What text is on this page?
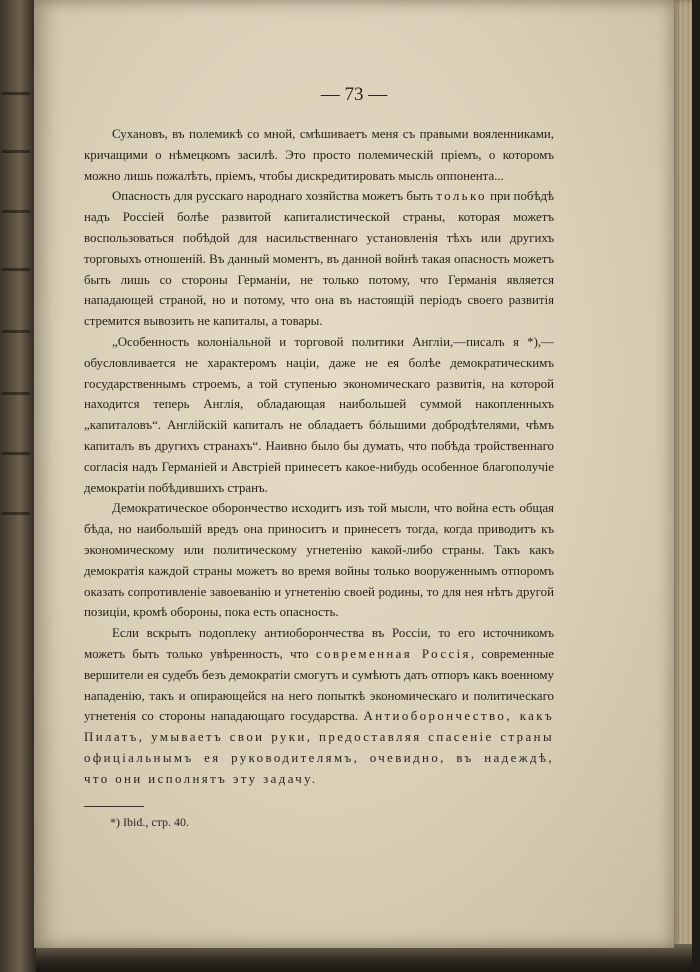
— 73 —

Сухановъ, въ полемикѣ со мной, смѣшиваетъ меня съ правыми вояленниками, кричащими о нѣмецкомъ засилѣ. Это просто полемическій пріемъ, о которомъ можно лишь пожалѣть, пріемъ, чтобы дискредитировать мысль оппонента...

Опасность для русскаго народнаго хозяйства можетъ быть только при побѣдѣ надъ Россіей болѣе развитой капиталистической страны, которая можетъ воспользоваться побѣдой для насильственнаго установленія тѣхъ или другихъ торговыхъ отношеній. Въ данный моментъ, въ данной войнѣ такая опасность можетъ быть лишь со стороны Германіи, не только потому, что Германія является нападающей страной, но и потому, что она въ настоящій періодъ своего развитія стремится вывозить не капиталы, а товары.

„Особенность колоніальной и торговой политики Англіи,—писалъ я *),—обусловливается не характеромъ націи, даже не ея болѣе демократическимъ государственнымъ строемъ, а той ступенью экономическаго развитія, на которой находится теперь Англія, обладающая наибольшей суммой накопленныхъ „капиталовъ“. Англійскій капиталъ не обладаетъ бóльшими добродѣтелями, чѣмъ капиталъ въ другихъ странахъ“. Наивно было бы думать, что побѣда тройственнаго согласія надъ Германіей и Австріей принесетъ какое-нибудь особенное благополучіе демократіи побѣдившихъ странъ.

Демократическое оборончество исходитъ изъ той мысли, что война есть общая бѣда, но наибольшій вредъ она приноситъ и принесетъ тогда, когда приводитъ къ экономическому или политическому угнетенію какой-либо страны. Такъ какъ демократія каждой страны можетъ во время войны только вооруженнымъ отпоромъ оказать сопротивленіе завоеванію и угнетенію своей родины, то для нея нѣтъ другой позиціи, кромѣ обороны, пока есть опасность.

Если вскрыть подоплеку антиоборончества въ Россіи, то его источникомъ можетъ быть только увѣренность, что современная Россія, современные вершители ея судебъ безъ демократіи смогутъ и сумѣютъ дать отпоръ какъ военному нападенію, такъ и опирающейся на него попыткѣ экономическаго и политическаго угнетенія со стороны нападающаго государства. Антиоборончество, какъ Пилатъ, умываетъ свои руки, предоставляя спасеніе страны офиціальнымъ ея руководителямъ, очевидно, въ надеждѣ, что они исполнятъ эту задачу.

*) Ibid., стр. 40.
